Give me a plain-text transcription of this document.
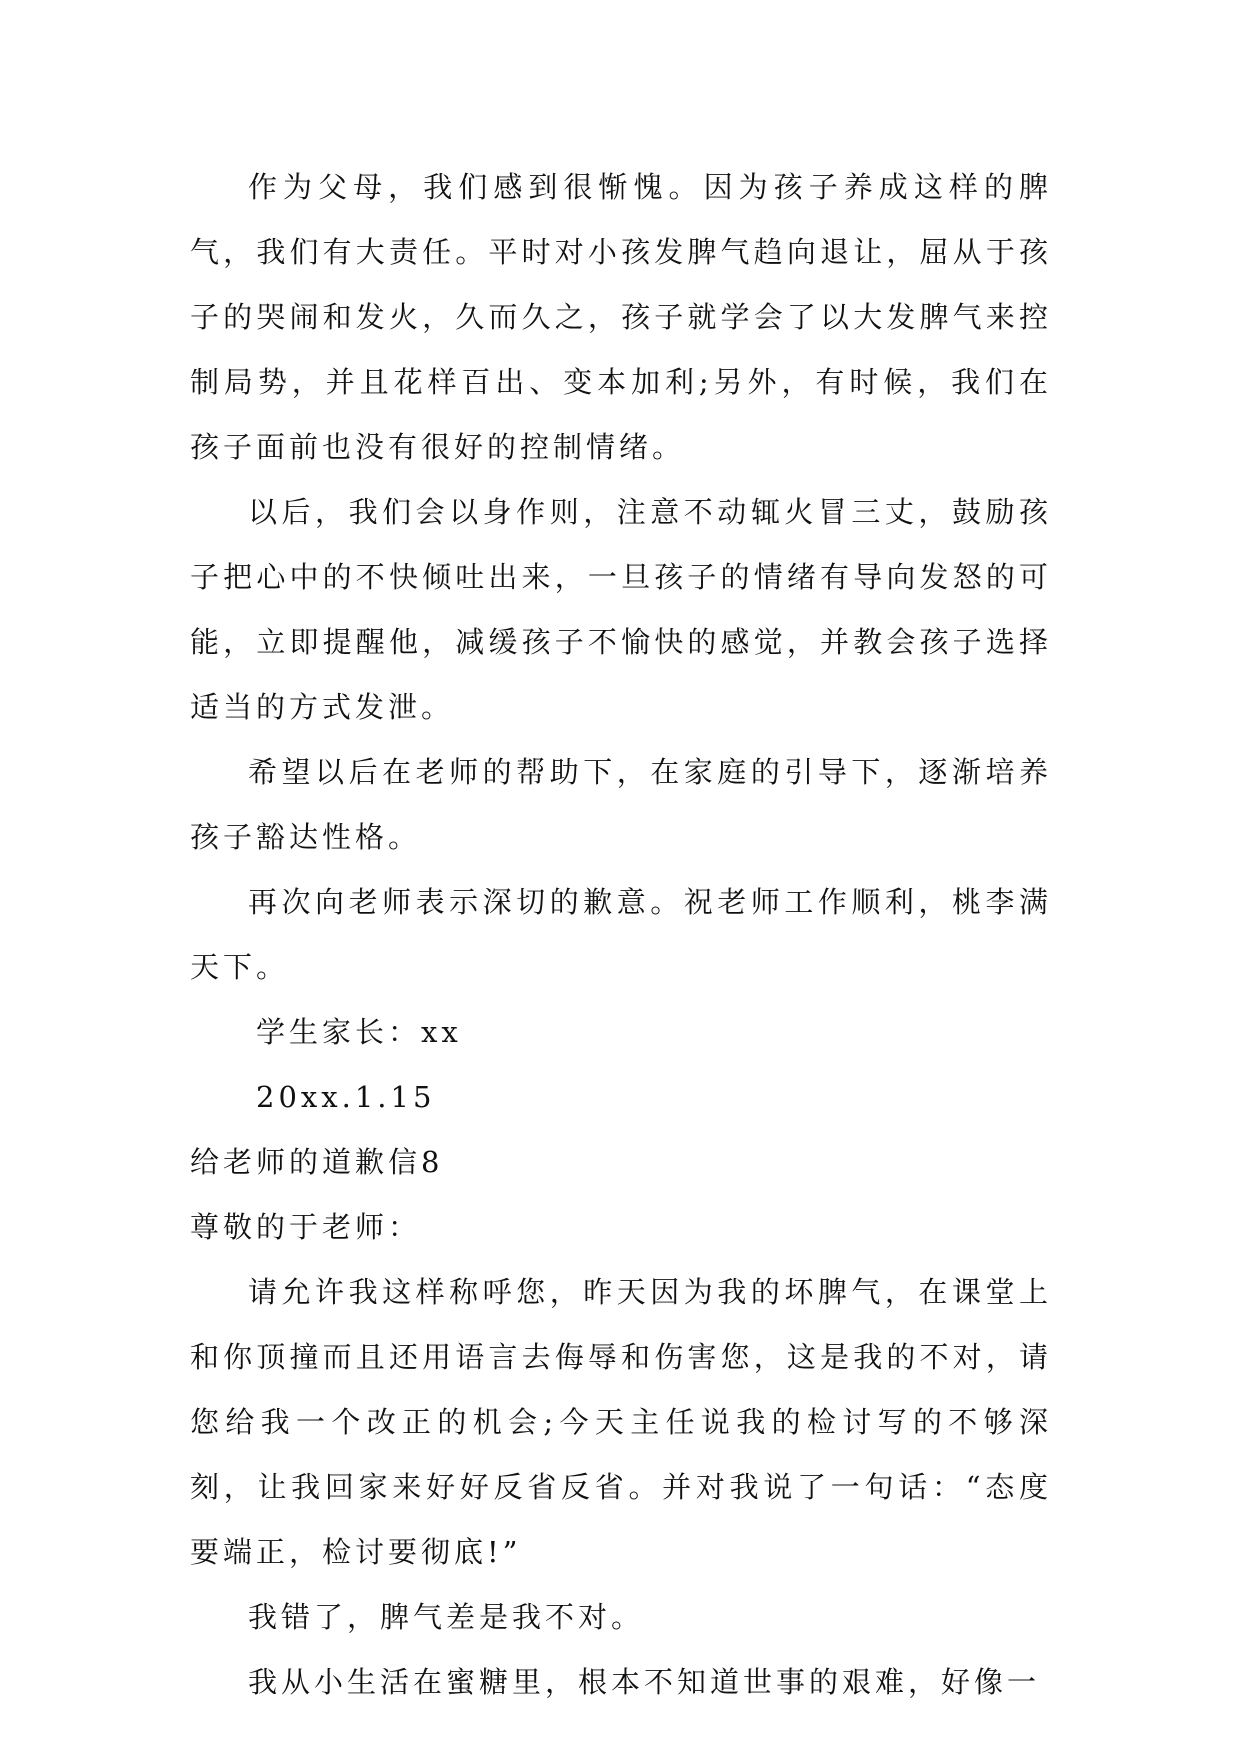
作为父母，我们感到很惭愧。因为孩子养成这样的脾气，我们有大责任。平时对小孩发脾气趋向退让，屈从于孩子的哭闹和发火，久而久之，孩子就学会了以大发脾气来控制局势，并且花样百出、变本加利;另外，有时候，我们在孩子面前也没有很好的控制情绪。

以后，我们会以身作则，注意不动辄火冒三丈，鼓励孩子把心中的不快倾吐出来，一旦孩子的情绪有导向发怒的可能，立即提醒他，减缓孩子不愉快的感觉，并教会孩子选择适当的方式发泄。

希望以后在老师的帮助下，在家庭的引导下，逐渐培养孩子豁达性格。

再次向老师表示深切的歉意。祝老师工作顺利，桃李满天下。

学生家长：xx

20xx.1.15

给老师的道歉信8

尊敬的于老师：

请允许我这样称呼您，昨天因为我的坏脾气，在课堂上和你顶撞而且还用语言去侮辱和伤害您，这是我的不对，请您给我一个改正的机会;今天主任说我的检讨写的不够深刻，让我回家来好好反省反省。并对我说了一句话：“态度要端正，检讨要彻底!”

我错了，脾气差是我不对。

我从小生活在蜜糖里，根本不知道世事的艰难，好像一
